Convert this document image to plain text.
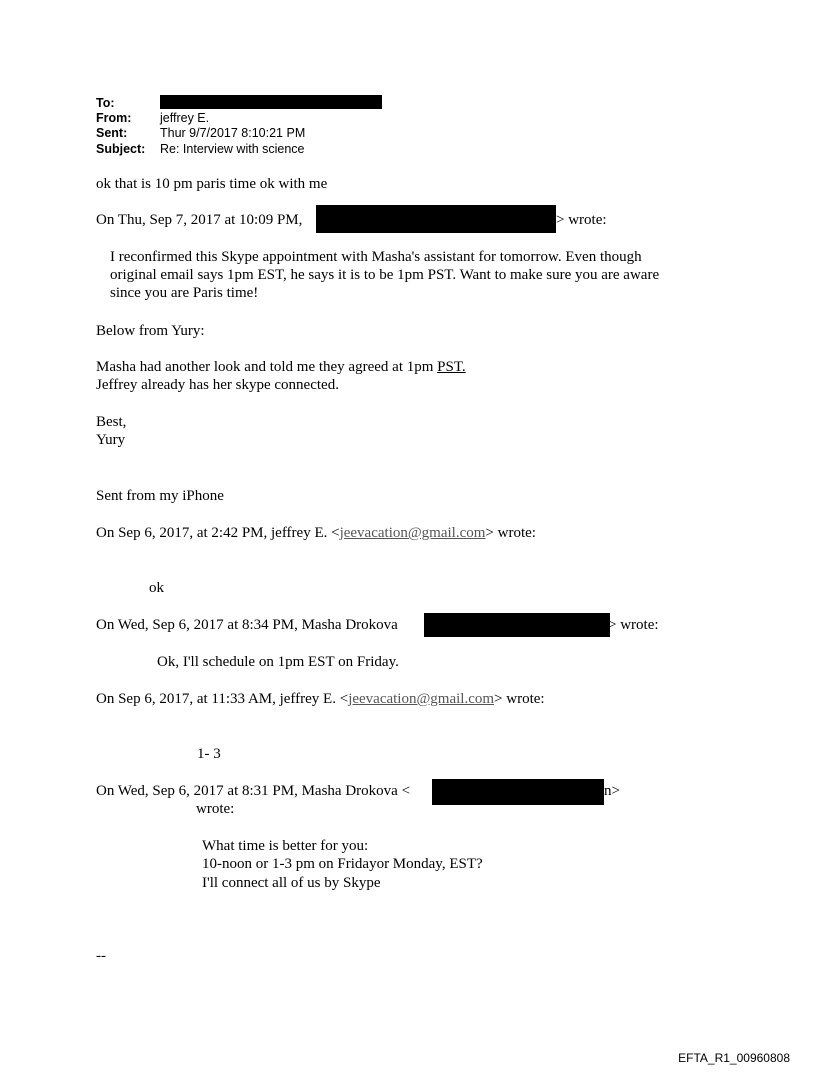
To:
From: jeffrey E.
Sent:	Thur 9/7/2017 8:10:21 PM
Subject: Re: Interview with science
ok that is 10 pm paris time ok with me
On Thu, Sep 7, 2017 at 10:09 PM,	> wrote:
I reconfirmed this Skype appointment with Masha's assistant for tomorrow. Even though
original email says 1pm EST, he says it is to be 1pm PST. Want to make sure you are aware
since you are Paris time!
Below from Yury:
Masha had another look and told me they agreed at 1pm PST.
Jeffrey already has her skype connected.
Best,
Yury
Sent from my iPhone
On Sep 6, 2017, at 2:42 PM, jeffrey E. <jeevacation@gmail.com> wrote:
ok
On Wed, Sep 6, 2017 at 8:34 PM, Masha Drokova	> wrote:
Ok, I'll schedule on 1pm EST on Friday.
On Sep 6, 2017, at 11:33 AM, jeffrey E. <jeevacation@gmail.com> wrote:
1- 3
On Wed, Sep 6, 2017 at 8:31 PM, Masha Drokova <	n>
wrote:
What time is better for you:
10-noon or 1-3 pm on Fridayor Monday, EST?
I'll connect all of us by Skype
--
EFTA_R1_00960808
